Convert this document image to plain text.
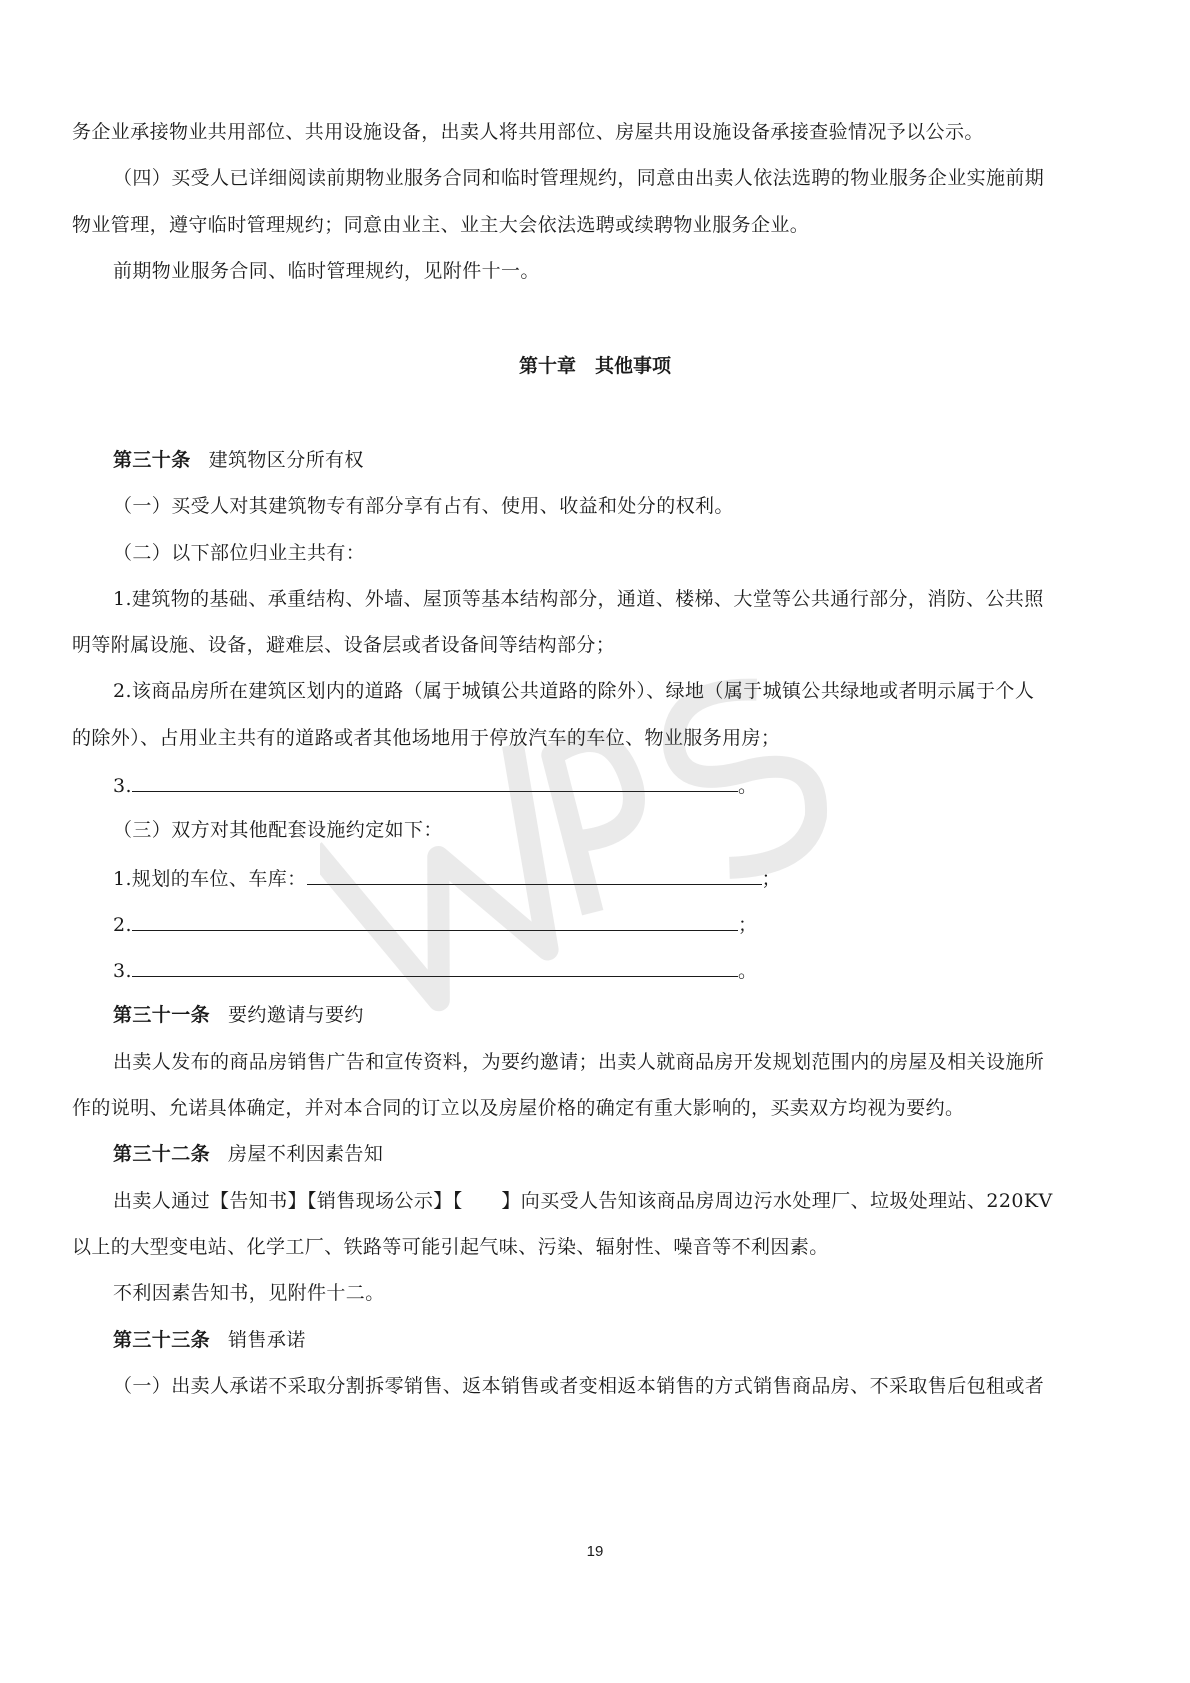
务企业承接物业共用部位、共用设施设备，出卖人将共用部位、房屋共用设施设备承接查验情况予以公示。
（四）买受人已详细阅读前期物业服务合同和临时管理规约，同意由出卖人依法选聘的物业服务企业实施前期
物业管理，遵守临时管理规约；同意由业主、业主大会依法选聘或续聘物业服务企业。
前期物业服务合同、临时管理规约，见附件十一。
第十章　其他事项
第三十条 建筑物区分所有权
（一）买受人对其建筑物专有部分享有占有、使用、收益和处分的权利。
（二）以下部位归业主共有：
1.建筑物的基础、承重结构、外墙、屋顶等基本结构部分，通道、楼梯、大堂等公共通行部分，消防、公共照
明等附属设施、设备，避难层、设备层或者设备间等结构部分；
2.该商品房所在建筑区划内的道路（属于城镇公共道路的除外）、绿地（属于城镇公共绿地或者明示属于个人
的除外）、占用业主共有的道路或者其他场地用于停放汽车的车位、物业服务用房；
3.	。
（三）双方对其他配套设施约定如下：
1.规划的车位、车库：	；
2.	；
3.	。
第三十一条 要约邀请与要约
出卖人发布的商品房销售广告和宣传资料，为要约邀请；出卖人就商品房开发规划范围内的房屋及相关设施所
作的说明、允诺具体确定，并对本合同的订立以及房屋价格的确定有重大影响的，买卖双方均视为要约。
第三十二条 房屋不利因素告知
出卖人通过【告知书】【销售现场公示】【　　】向买受人告知该商品房周边污水处理厂、垃圾处理站、220KV
以上的大型变电站、化学工厂、铁路等可能引起气味、污染、辐射性、噪音等不利因素。
不利因素告知书，见附件十二。
第三十三条 销售承诺
（一）出卖人承诺不采取分割拆零销售、返本销售或者变相返本销售的方式销售商品房、不采取售后包租或者
19
